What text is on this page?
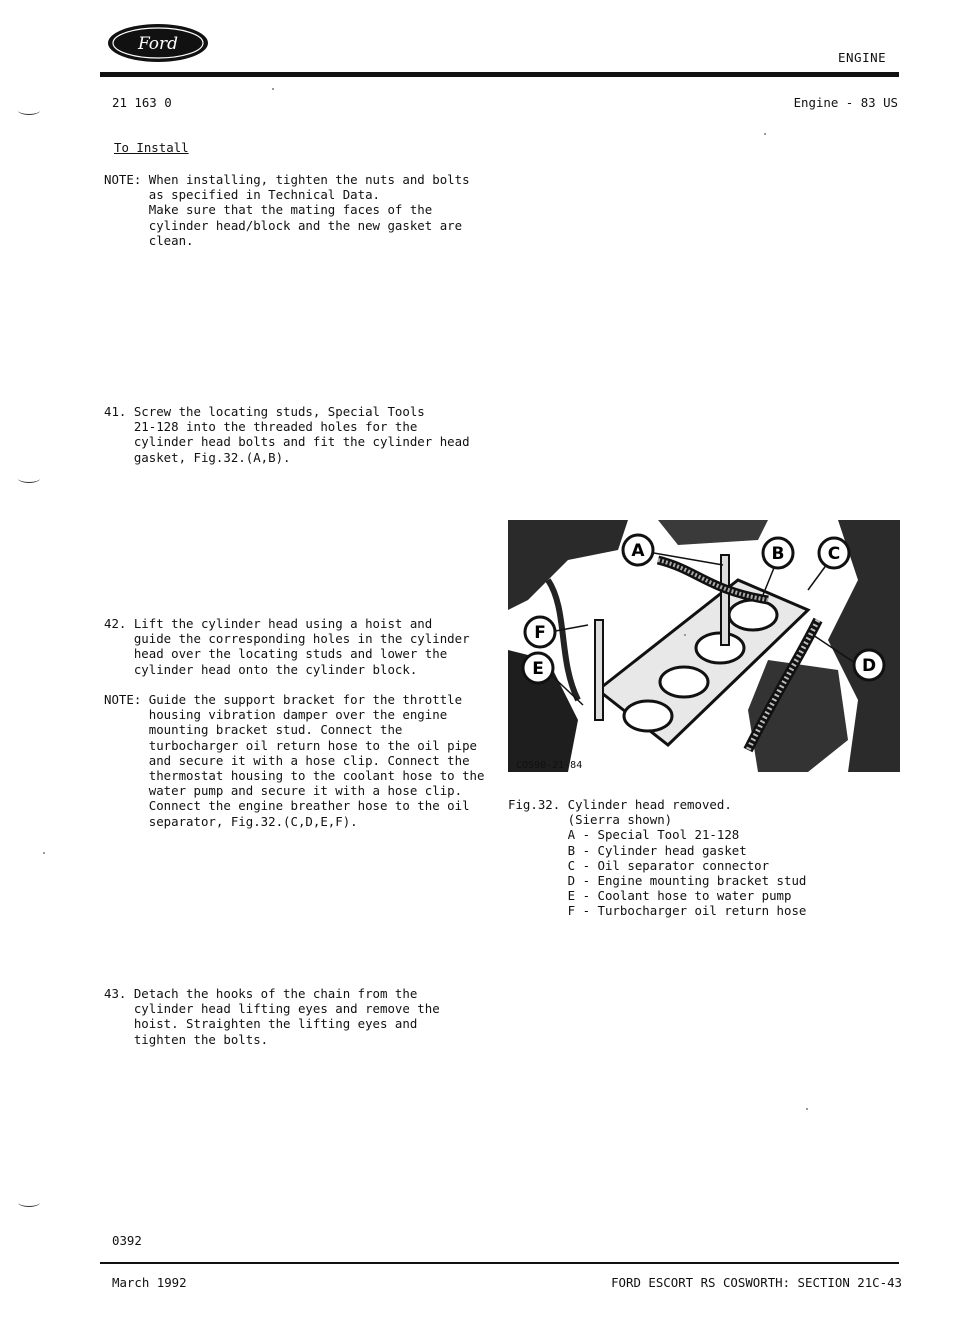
Ford
ENGINE
21 163 0	Engine - 83 US
To Install
NOTE: When installing, tighten the nuts and bolts
as specified in Technical Data.
Make sure that the mating faces of the
cylinder head/block and the new gasket are
clean.
41. Screw the locating studs, Special Tools
21-128 into the threaded holes for the
cylinder head bolts and fit the cylinder head
gasket, Fig.32.(A,B).
42. Lift the cylinder head using a hoist and
guide the corresponding holes in the cylinder
head over the locating studs and lower the
cylinder head onto the cylinder block.
NOTE: Guide the support bracket for the throttle
housing vibration damper over the engine
mounting bracket stud. Connect the
turbocharger oil return hose to the oil pipe
and secure it with a hose clip. Connect the
thermostat housing to the coolant hose to the
water pump and secure it with a hose clip.
Connect the engine breather hose to the oil
separator, Fig.32.(C,D,E,F).
43. Detach the hooks of the chain from the
cylinder head lifting eyes and remove the
hoist. Straighten the lifting eyes and
tighten the bolts.
A	B	C
D
E
F
COS90-21-84
Fig.32. Cylinder head removed.
(Sierra shown)
A - Special Tool 21-128
B - Cylinder head gasket
C - Oil separator connector
D - Engine mounting bracket stud
E - Coolant hose to water pump
F - Turbocharger oil return hose
0392
March 1992	FORD ESCORT RS COSWORTH: SECTION 21C-43
